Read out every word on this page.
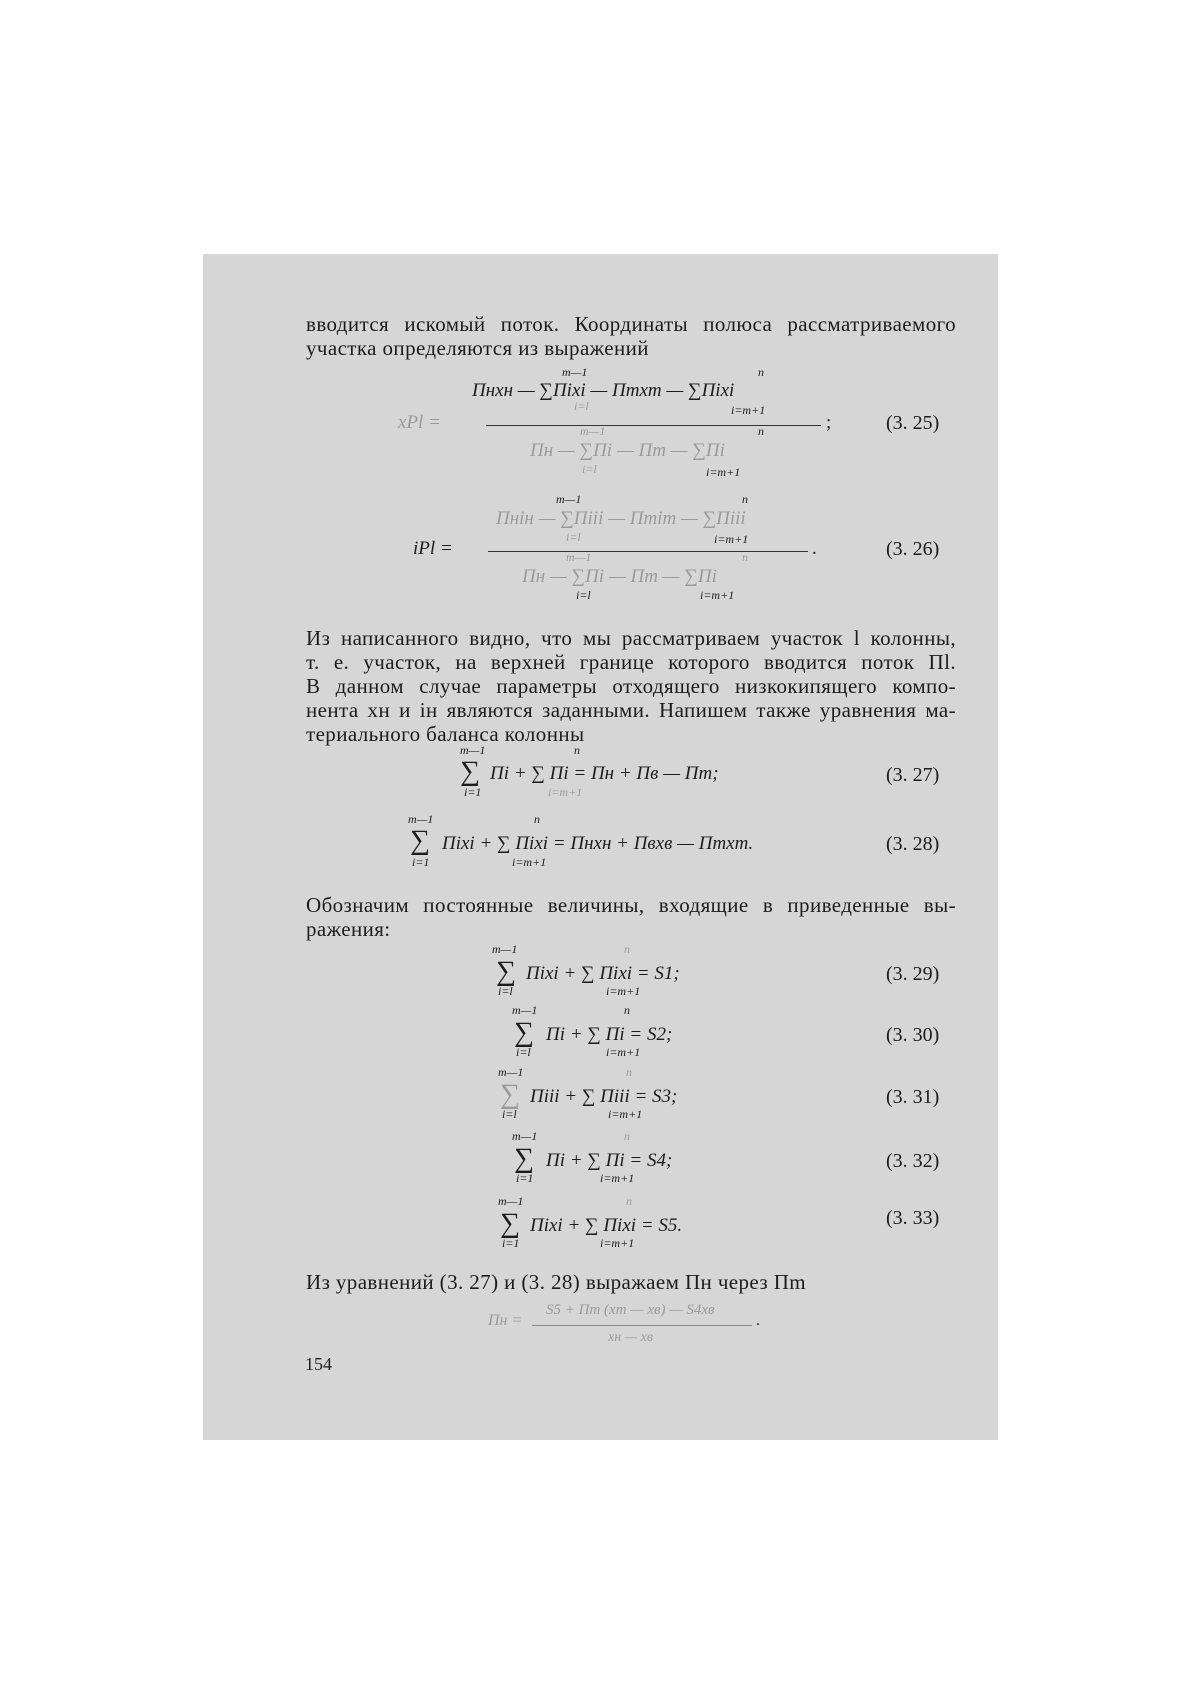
вводится искомый поток. Координаты полюса рассматриваемого
участка определяются из выражений
m—1	n
Пнxн — ∑Пixi — Пmxm — ∑Пixi
i=l	i=m+1
xPl =	;
m—1	n
Пн — ∑Пi — Пm — ∑Пi
i=l	i=m+1
(3. 25)
m—1	n
Пнiн — ∑Пiii — Пmim — ∑Пiii
i=l	i=m+1
iPl =	.
m—1	n
Пн — ∑Пi — Пm — ∑Пi
i=l	i=m+1
(3. 26)
Из написанного видно, что мы рассматриваем участок l колонны,
т. е. участок, на верхней границе которого вводится поток Пl.
В данном случае параметры отходящего низкокипящего компо-
нента xн и iн являются заданными. Напишем также уравнения ма-
териального баланса колонны
m—1	n
∑ Пi + ∑ Пi = Пн + Пв — Пm;
i=1	i=m+1
(3. 27)
m—1	n
∑ Пixi + ∑ Пixi = Пнxн + Пвxв — Пmxm.
i=1	i=m+1
(3. 28)
Обозначим постоянные величины, входящие в приведенные вы-
ражения:
m—1	n
∑ Пixi + ∑ Пixi = S1;
i=l	i=m+1
(3. 29)
m—1	n
∑ Пi + ∑ Пi = S2;
i=l	i=m+1
(3. 30)
m—1	n
∑ Пiii + ∑ Пiii = S3;
i=l	i=m+1
(3. 31)
m—1	n
∑ Пi + ∑ Пi = S4;
i=1	i=m+1
(3. 32)
m—1	n
∑ Пixi + ∑ Пixi = S5.
i=1	i=m+1
(3. 33)
Из уравнений (3. 27) и (3. 28) выражаем Пн через Пm
S5 + Пm (xm — xв) — S4xв
Пн =	.
xн — xв
154
